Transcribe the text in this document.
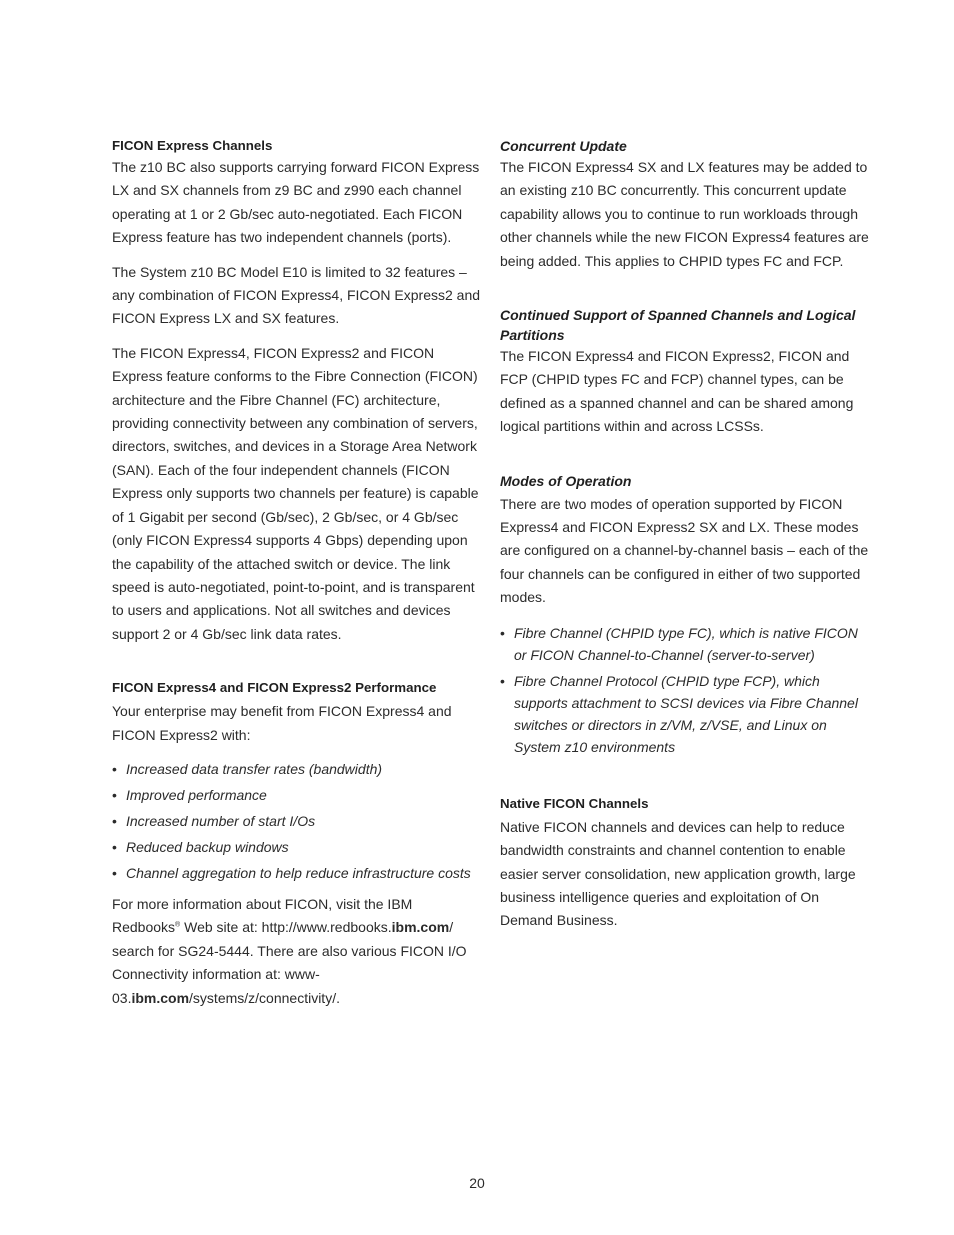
FICON Express Channels

The z10 BC also supports carrying forward FICON Express LX and SX channels from z9 BC and z990 each channel operating at 1 or 2 Gb/sec auto-negotiated. Each FICON Express feature has two independent channels (ports).

The System z10 BC Model E10 is limited to 32 features – any combination of FICON Express4, FICON Express2 and FICON Express LX and SX features.

The FICON Express4, FICON Express2 and FICON Express feature conforms to the Fibre Connection (FICON) architecture and the Fibre Channel (FC) architecture, providing connectivity between any combination of servers, directors, switches, and devices in a Storage Area Network (SAN). Each of the four independent channels (FICON Express only supports two channels per feature) is capable of 1 Gigabit per second (Gb/sec), 2 Gb/sec, or 4 Gb/sec (only FICON Express4 supports 4 Gbps) depending upon the capability of the attached switch or device. The link speed is auto-negotiated, point-to-point, and is transparent to users and applications. Not all switches and devices support 2 or 4 Gb/sec link data rates.

FICON Express4 and FICON Express2 Performance

Your enterprise may benefit from FICON Express4 and FICON Express2 with:

• Increased data transfer rates (bandwidth)
• Improved performance
• Increased number of start I/Os
• Reduced backup windows
• Channel aggregation to help reduce infrastructure costs

For more information about FICON, visit the IBM Redbooks® Web site at: http://www.redbooks.ibm.com/ search for SG24-5444. There are also various FICON I/O Connectivity information at: www-03.ibm.com/systems/z/connectivity/.

Concurrent Update

The FICON Express4 SX and LX features may be added to an existing z10 BC concurrently. This concurrent update capability allows you to continue to run workloads through other channels while the new FICON Express4 features are being added. This applies to CHPID types FC and FCP.

Continued Support of Spanned Channels and Logical Partitions

The FICON Express4 and FICON Express2, FICON and FCP (CHPID types FC and FCP) channel types, can be defined as a spanned channel and can be shared among logical partitions within and across LCSSs.

Modes of Operation

There are two modes of operation supported by FICON Express4 and FICON Express2 SX and LX. These modes are configured on a channel-by-channel basis – each of the four channels can be configured in either of two supported modes.

• Fibre Channel (CHPID type FC), which is native FICON or FICON Channel-to-Channel (server-to-server)
• Fibre Channel Protocol (CHPID type FCP), which supports attachment to SCSI devices via Fibre Channel switches or directors in z/VM, z/VSE, and Linux on System z10 environments

Native FICON Channels

Native FICON channels and devices can help to reduce bandwidth constraints and channel contention to enable easier server consolidation, new application growth, large business intelligence queries and exploitation of On Demand Business.

20
